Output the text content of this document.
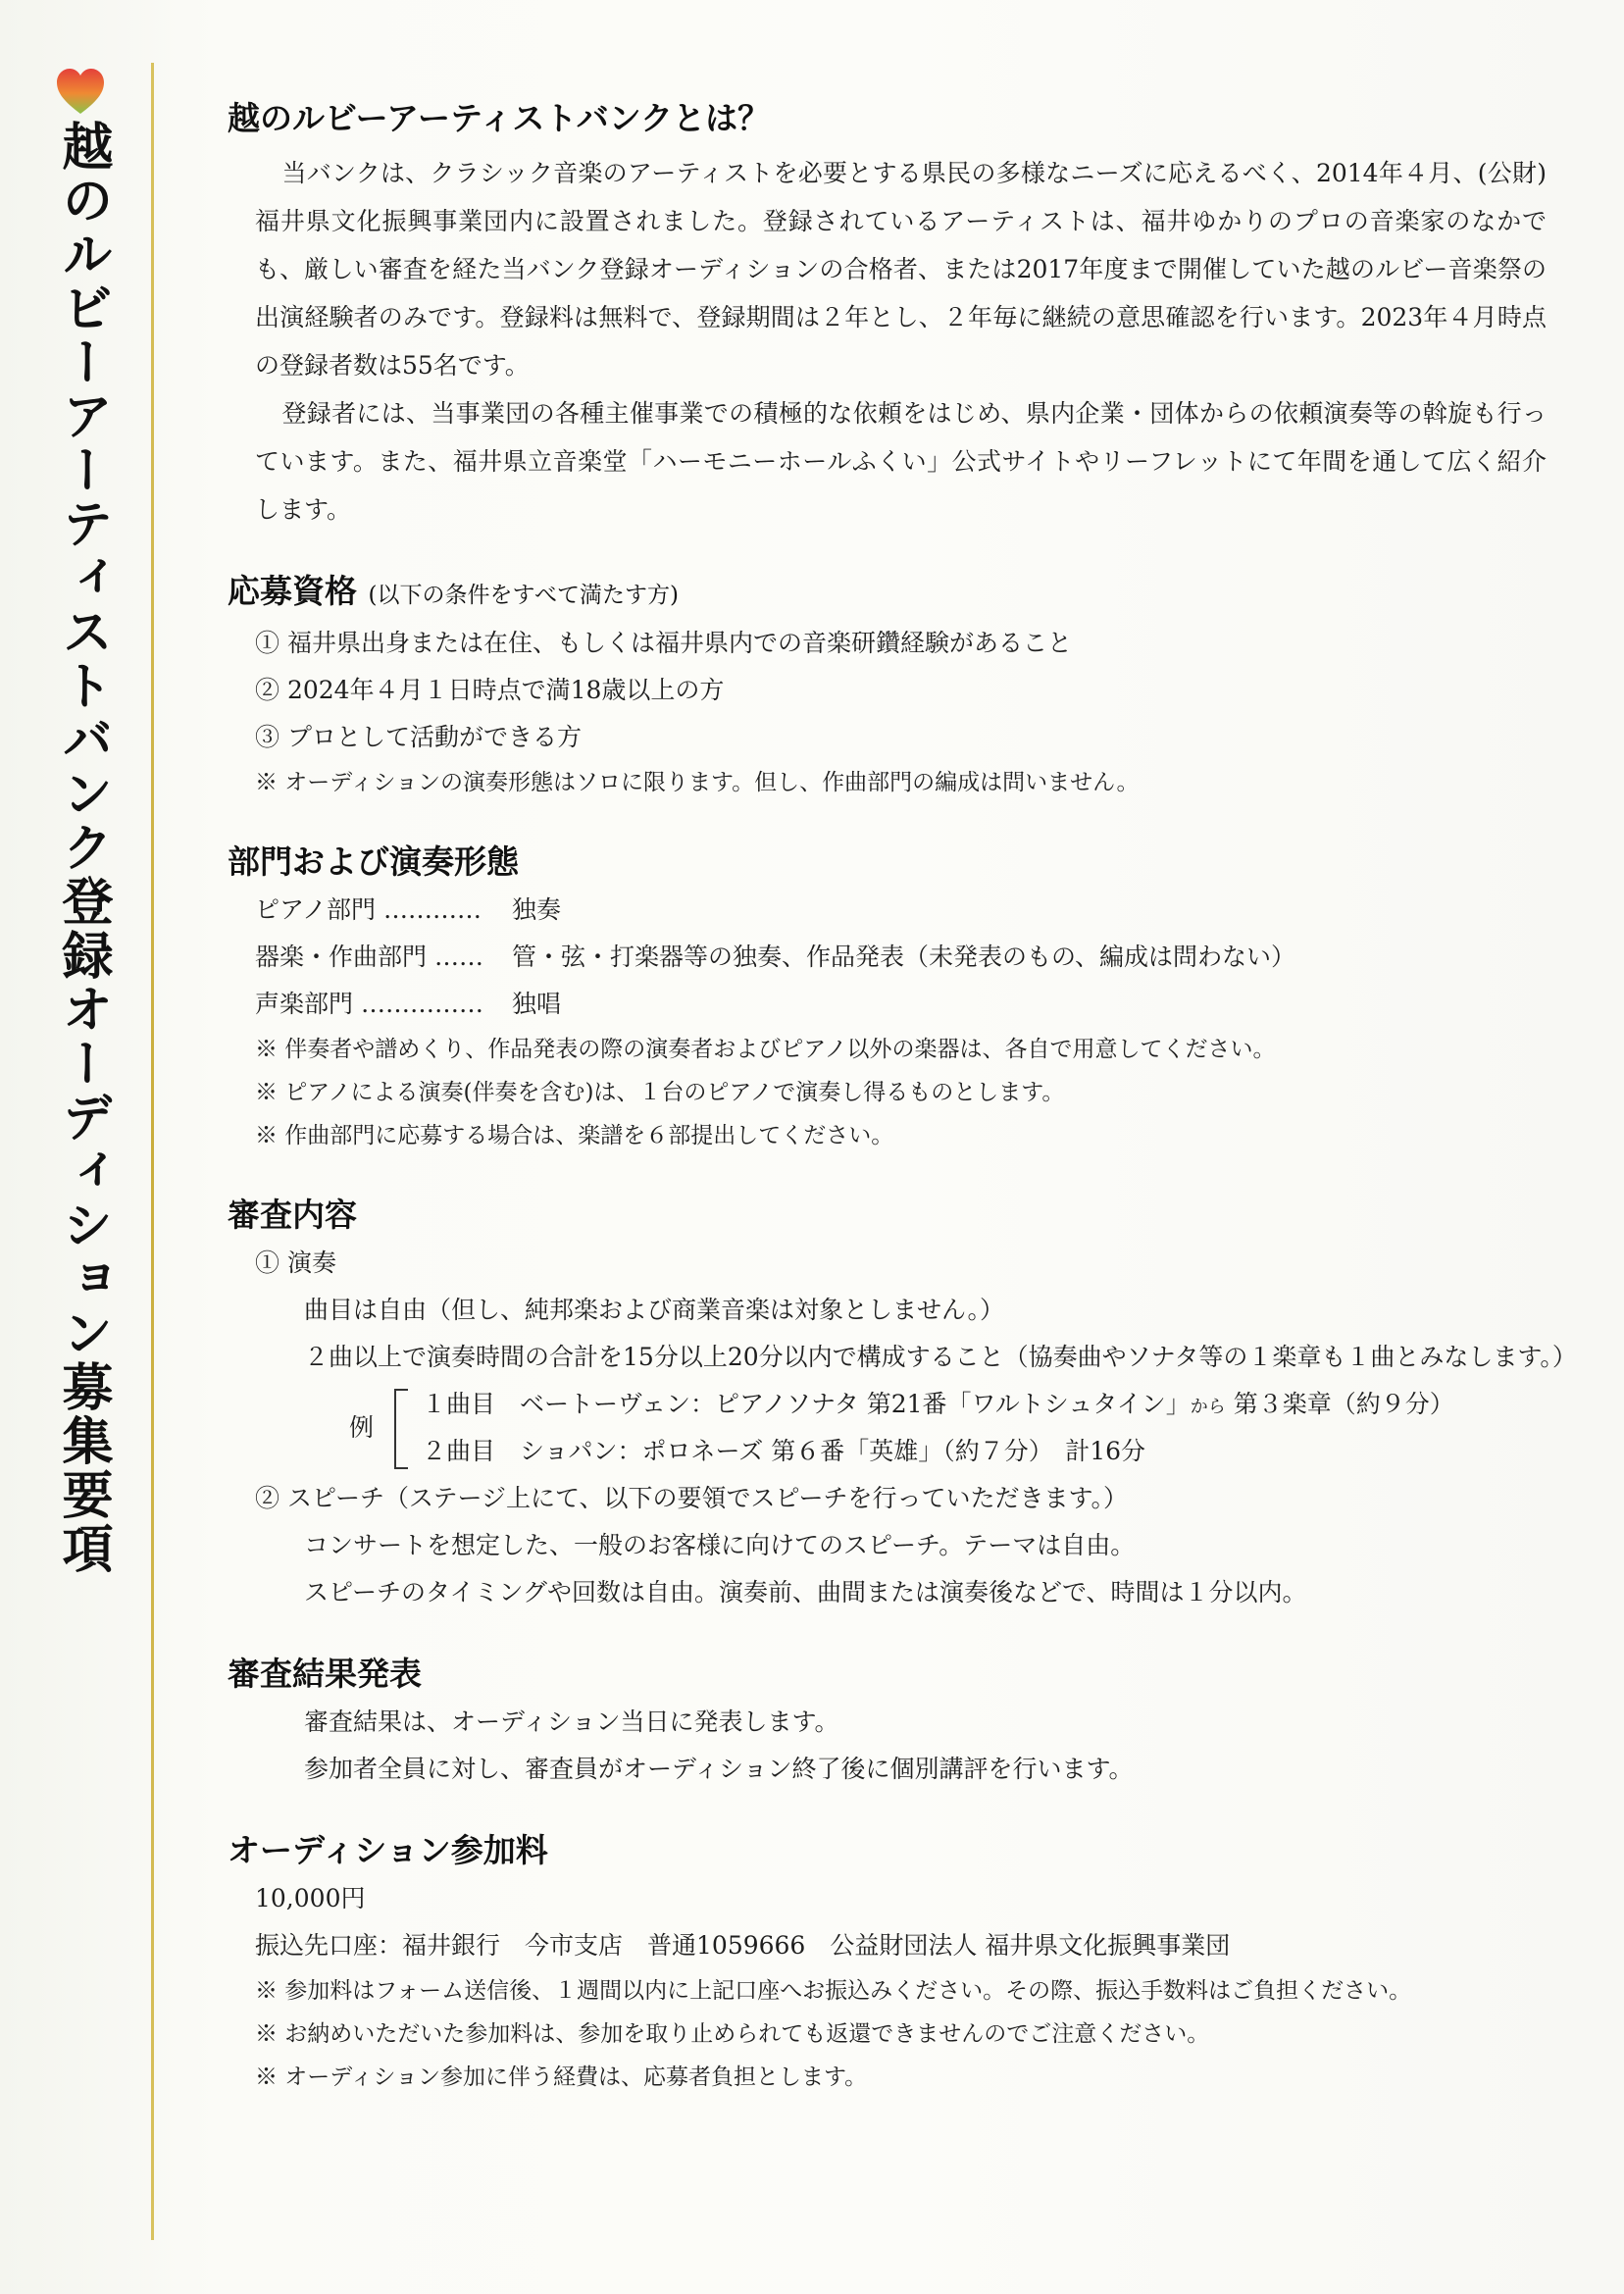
越のルビーアーティストバンク登録オーディション募集要項
越のルビーアーティストバンクとは？

当バンクは、クラシック音楽のアーティストを必要とする県民の多様なニーズに応えるべく、2014年４月、(公財)福井県文化振興事業団内に設置されました。登録されているアーティストは、福井ゆかりのプロの音楽家のなかでも、厳しい審査を経た当バンク登録オーディションの合格者、または2017年度まで開催していた越のルビー音楽祭の出演経験者のみです。登録料は無料で、登録期間は２年とし、２年毎に継続の意思確認を行います。2023年４月時点の登録者数は55名です。

登録者には、当事業団の各種主催事業での積極的な依頼をはじめ、県内企業・団体からの依頼演奏等の斡旋も行っています。また、福井県立音楽堂「ハーモニーホールふくい」公式サイトやリーフレットにて年間を通して広く紹介します。

応募資格 (以下の条件をすべて満たす方)
① 福井県出身または在住、もしくは福井県内での音楽研鑽経験があること
② 2024年４月１日時点で満18歳以上の方
③ プロとして活動ができる方
※ オーディションの演奏形態はソロに限ります。但し、作曲部門の編成は問いません。
部門および演奏形態
ピアノ部門 …………	独奏
器楽・作曲部門 ……	管・弦・打楽器等の独奏、作品発表（未発表のもの、編成は問わない）
声楽部門 ……………	独唱
※ 伴奏者や譜めくり、作品発表の際の演奏者およびピアノ以外の楽器は、各自で用意してください。
※ ピアノによる演奏(伴奏を含む)は、１台のピアノで演奏し得るものとします。
※ 作曲部門に応募する場合は、楽譜を６部提出してください。
審査内容
① 演奏
曲目は自由（但し、純邦楽および商業音楽は対象としません。）
２曲以上で演奏時間の合計を15分以上20分以内で構成すること（協奏曲やソナタ等の１楽章も１曲とみなします。）
例
１曲目　ベートーヴェン：ピアノソナタ 第21番「ワルトシュタイン」から 第３楽章（約９分）
２曲目　ショパン：ポロネーズ 第６番「英雄」（約７分）　計16分
② スピーチ（ステージ上にて、以下の要領でスピーチを行っていただきます。）
コンサートを想定した、一般のお客様に向けてのスピーチ。テーマは自由。
スピーチのタイミングや回数は自由。演奏前、曲間または演奏後などで、時間は１分以内。
審査結果発表
審査結果は、オーディション当日に発表します。
参加者全員に対し、審査員がオーディション終了後に個別講評を行います。
オーディション参加料
10,000円
振込先口座：福井銀行　今市支店　普通1059666　公益財団法人 福井県文化振興事業団
※ 参加料はフォーム送信後、１週間以内に上記口座へお振込みください。その際、振込手数料はご負担ください。
※ お納めいただいた参加料は、参加を取り止められても返還できませんのでご注意ください。
※ オーディション参加に伴う経費は、応募者負担とします。
